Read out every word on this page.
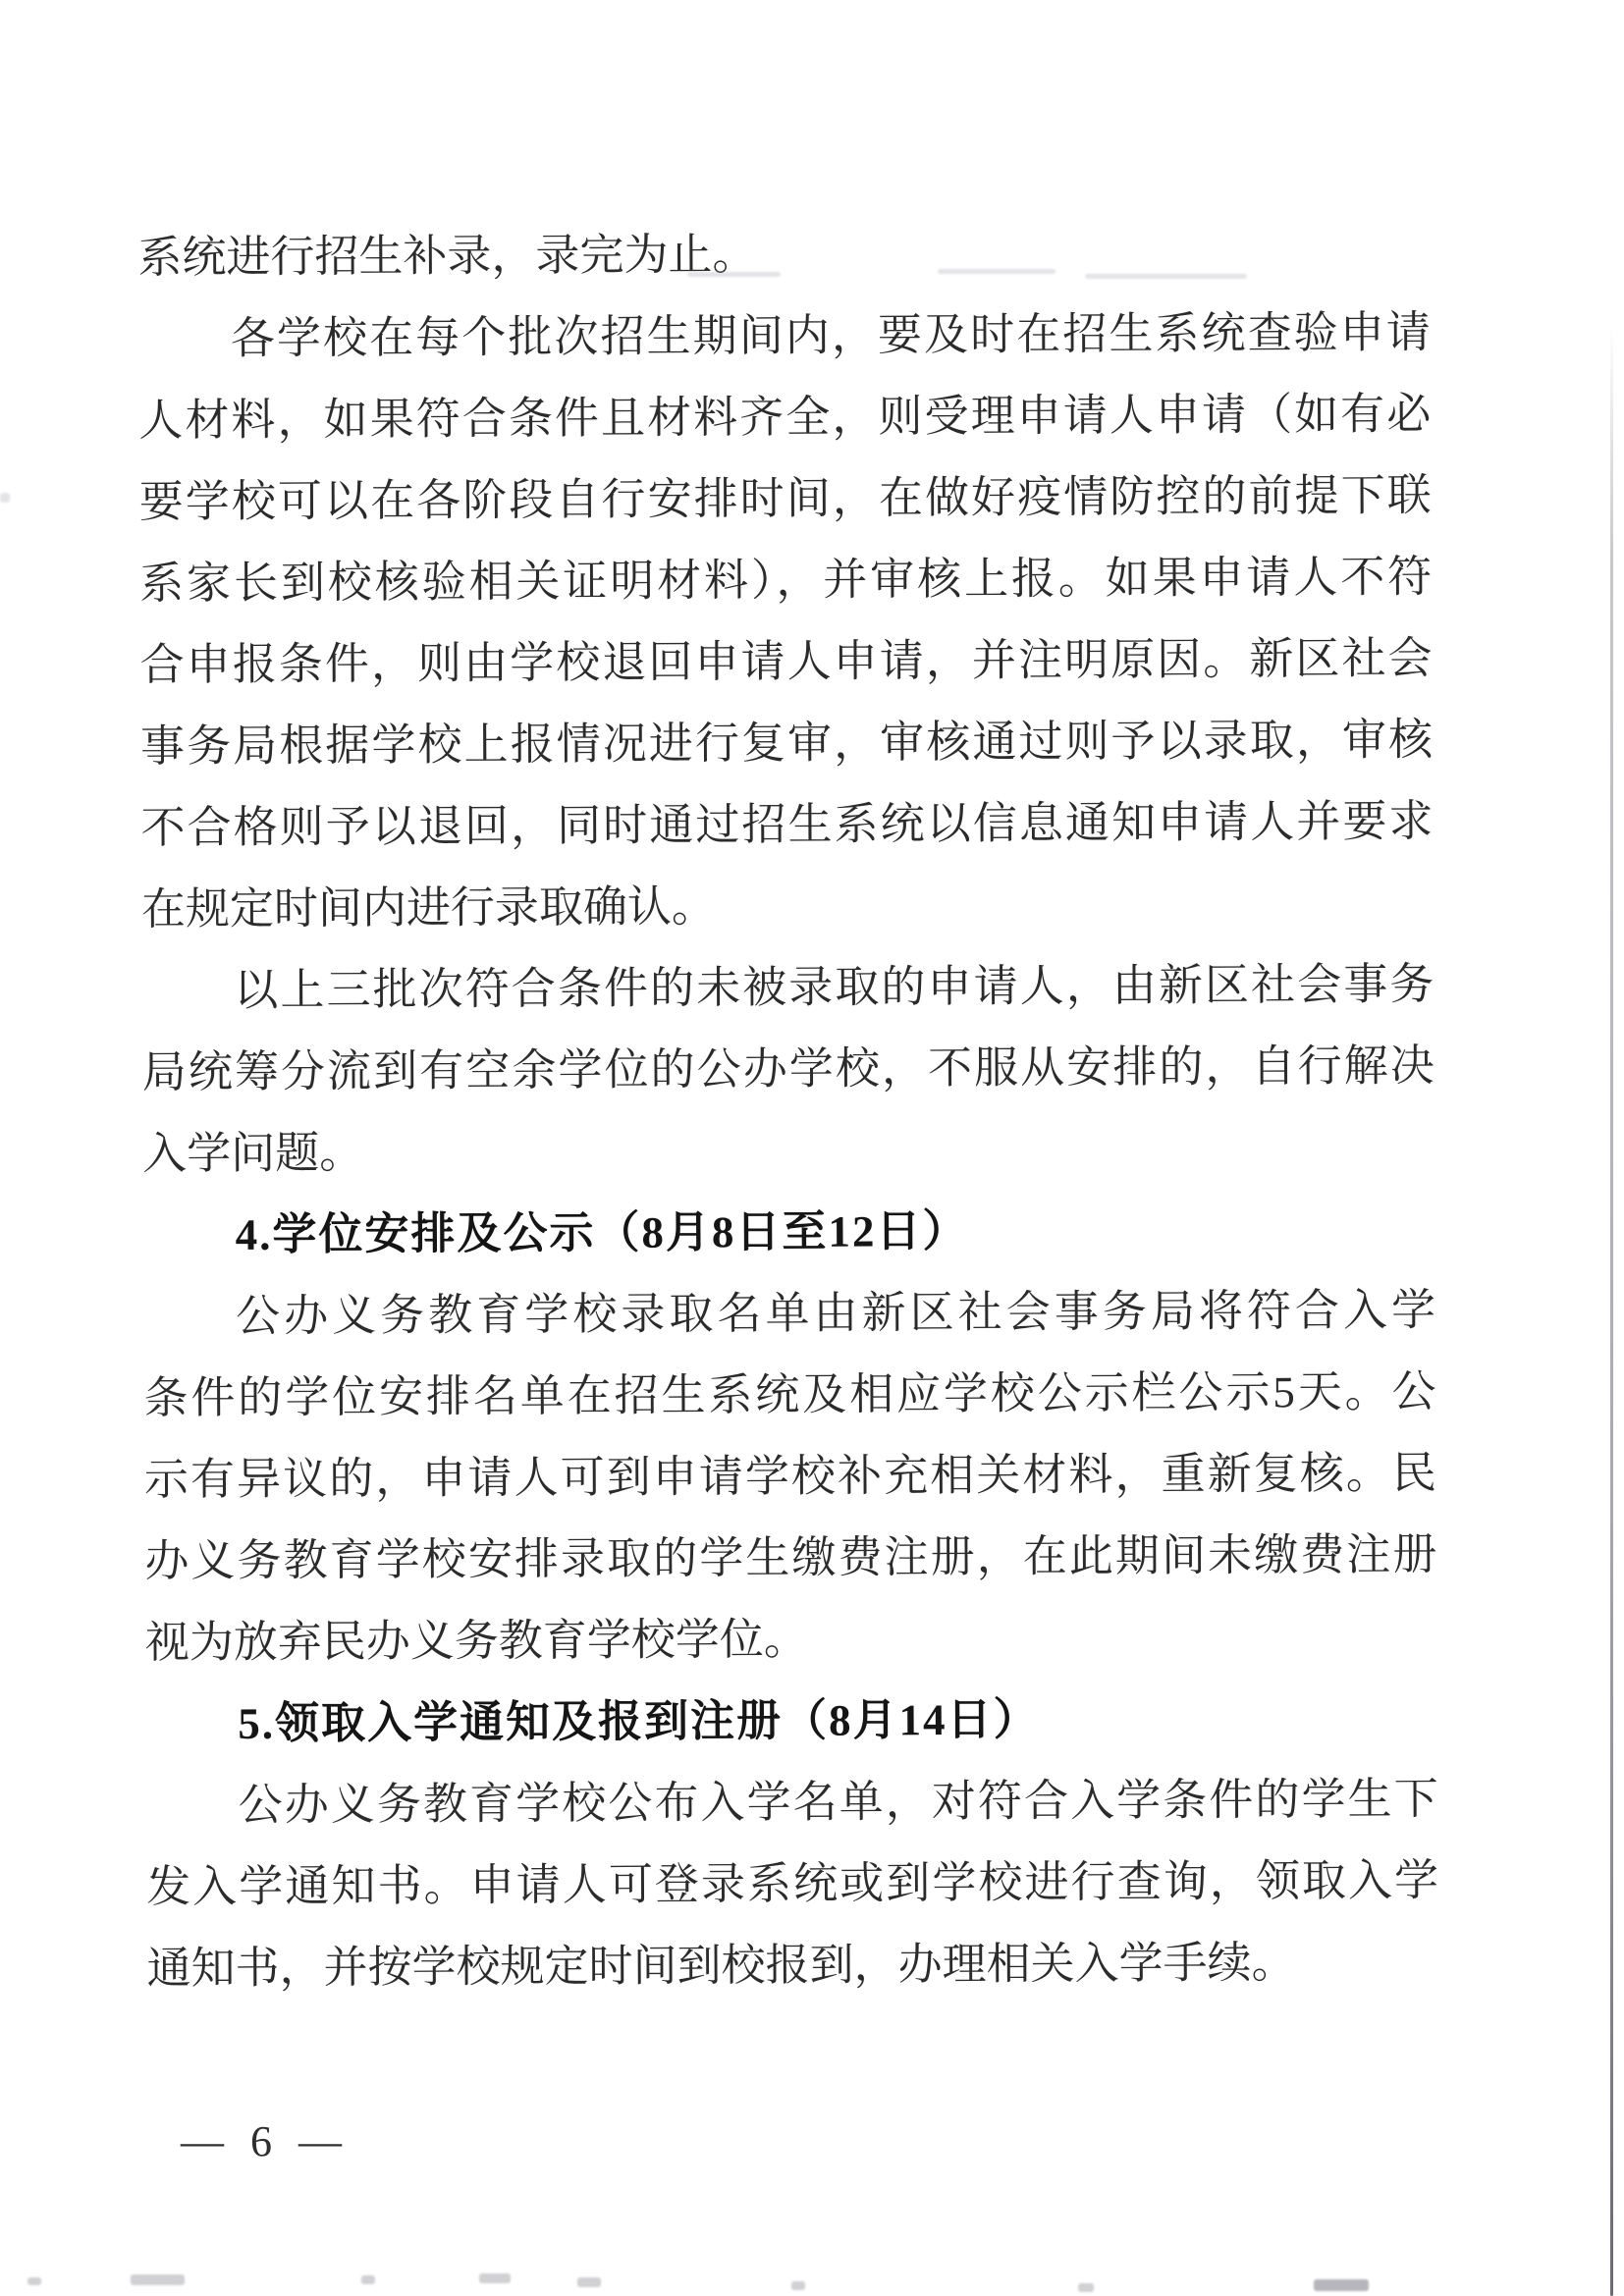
系统进行招生补录，录完为止。
各学校在每个批次招生期间内，要及时在招生系统查验申请
人材料，如果符合条件且材料齐全，则受理申请人申请（如有必
要学校可以在各阶段自行安排时间，在做好疫情防控的前提下联
系家长到校核验相关证明材料），并审核上报。如果申请人不符
合申报条件，则由学校退回申请人申请，并注明原因。新区社会
事务局根据学校上报情况进行复审，审核通过则予以录取，审核
不合格则予以退回，同时通过招生系统以信息通知申请人并要求
在规定时间内进行录取确认。
以上三批次符合条件的未被录取的申请人，由新区社会事务
局统筹分流到有空余学位的公办学校，不服从安排的，自行解决
入学问题。
4.学位安排及公示（8月8日至12日）
公办义务教育学校录取名单由新区社会事务局将符合入学
条件的学位安排名单在招生系统及相应学校公示栏公示5天。公
示有异议的，申请人可到申请学校补充相关材料，重新复核。民
办义务教育学校安排录取的学生缴费注册，在此期间未缴费注册
视为放弃民办义务教育学校学位。
5.领取入学通知及报到注册（8月14日）
公办义务教育学校公布入学名单，对符合入学条件的学生下
发入学通知书。申请人可登录系统或到学校进行查询，领取入学
通知书，并按学校规定时间到校报到，办理相关入学手续。
— 6 —
